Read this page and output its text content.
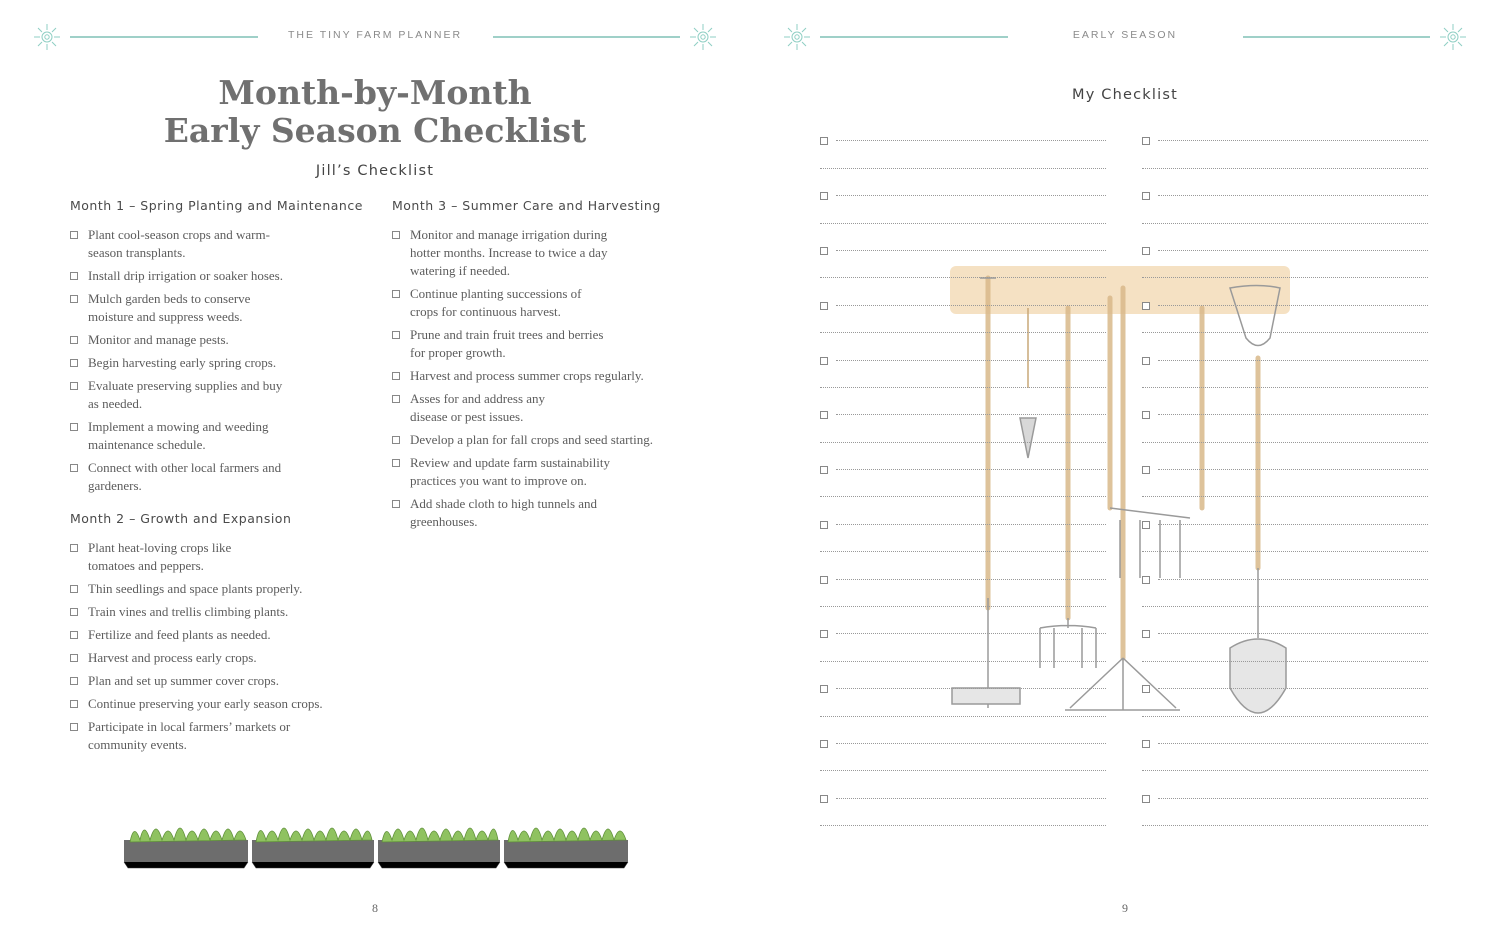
THE TINY FARM PLANNER
Month-by-Month
Early Season Checklist
Jill’s Checklist
Month 1 – Spring Planting and Maintenance
Plant cool-season crops and warm-season transplants.
Install drip irrigation or soaker hoses.
Mulch garden beds to conserve moisture and suppress weeds.
Monitor and manage pests.
Begin harvesting early spring crops.
Evaluate preserving supplies and buy as needed.
Implement a mowing and weeding maintenance schedule.
Connect with other local farmers and gardeners.
Month 2 – Growth and Expansion
Plant heat-loving crops like tomatoes and peppers.
Thin seedlings and space plants properly.
Train vines and trellis climbing plants.
Fertilize and feed plants as needed.
Harvest and process early crops.
Plan and set up summer cover crops.
Continue preserving your early season crops.
Participate in local farmers’ markets or community events.
Month 3 – Summer Care and Harvesting
Monitor and manage irrigation during hotter months. Increase to twice a day watering if needed.
Continue planting successions of crops for continuous harvest.
Prune and train fruit trees and berries for proper growth.
Harvest and process summer crops regularly.
Asses for and address any disease or pest issues.
Develop a plan for fall crops and seed starting.
Review and update farm sustainability practices you want to improve on.
Add shade cloth to high tunnels and greenhouses.
8
EARLY SEASON
My Checklist
9
